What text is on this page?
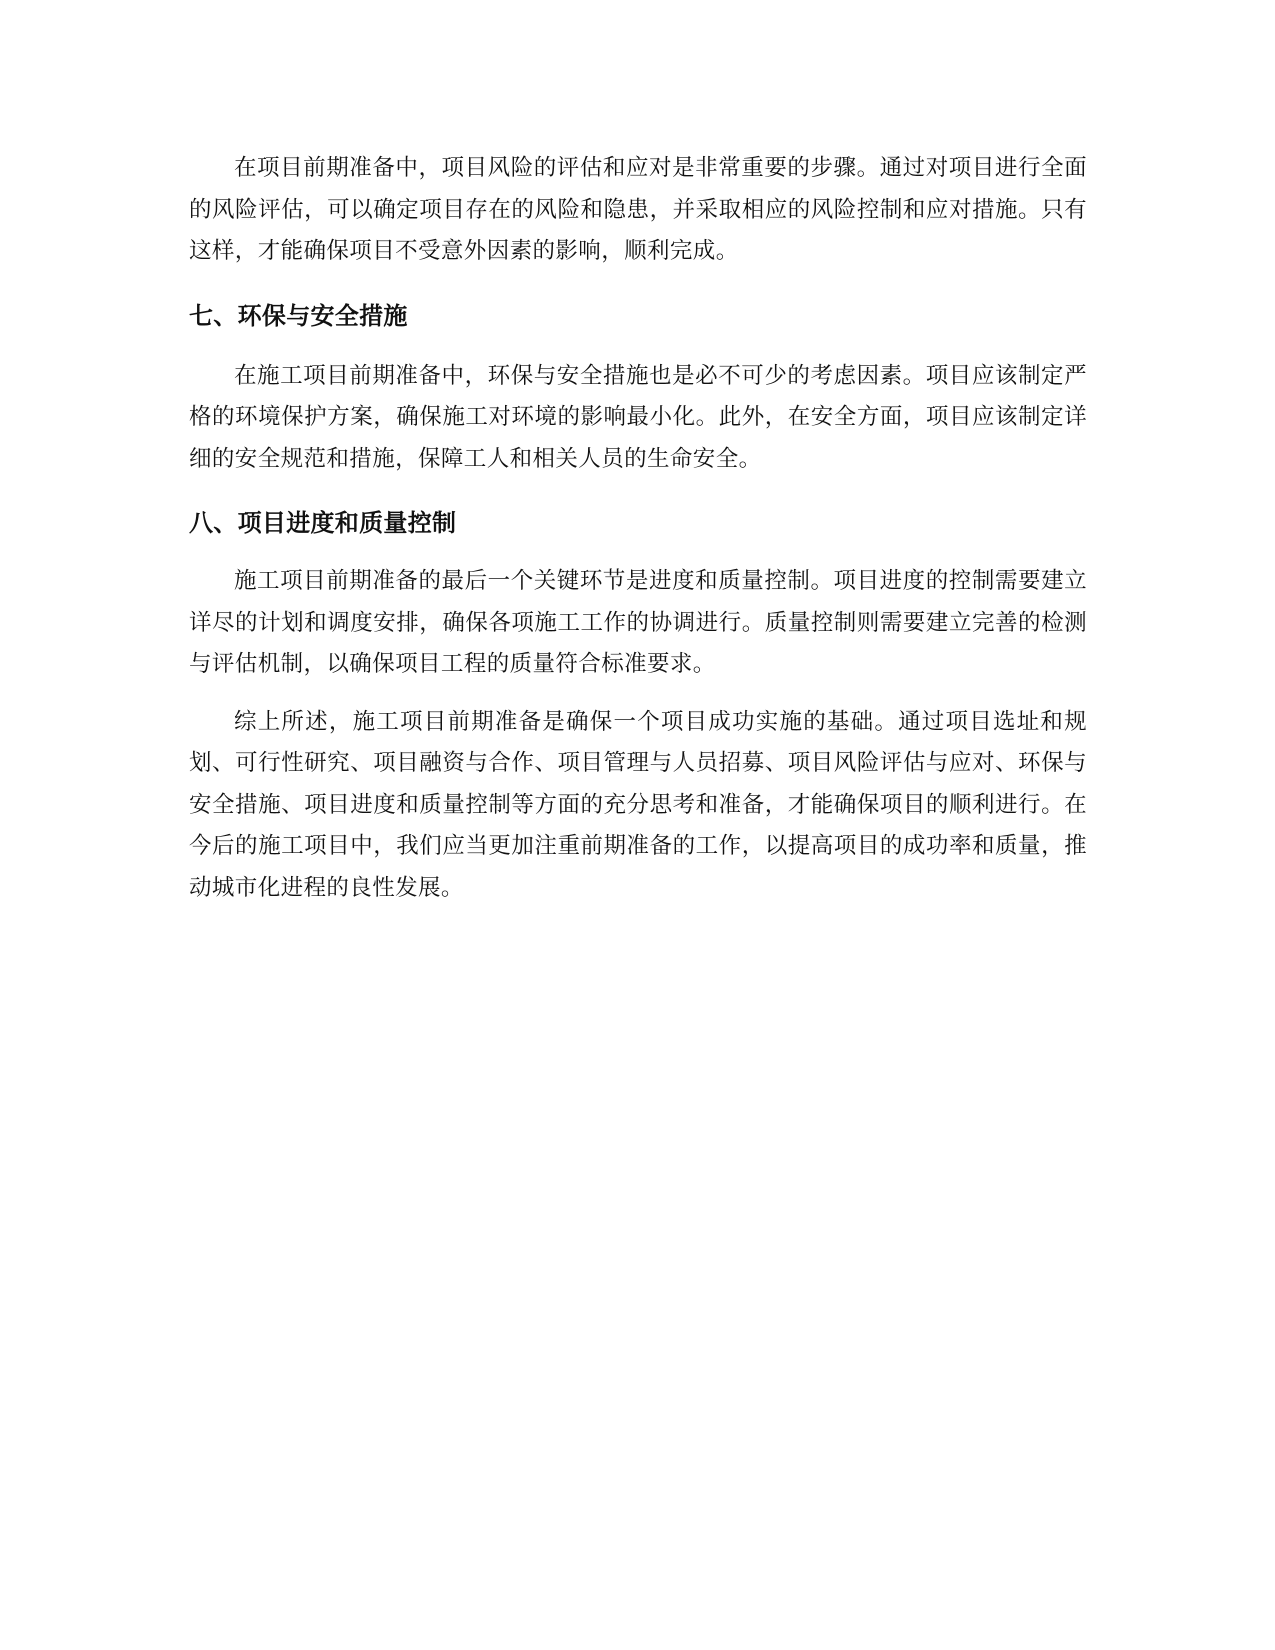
在项目前期准备中，项目风险的评估和应对是非常重要的步骤。通过对项目进行全面的风险评估，可以确定项目存在的风险和隐患，并采取相应的风险控制和应对措施。只有这样，才能确保项目不受意外因素的影响，顺利完成。

七、环保与安全措施

在施工项目前期准备中，环保与安全措施也是必不可少的考虑因素。项目应该制定严格的环境保护方案，确保施工对环境的影响最小化。此外，在安全方面，项目应该制定详细的安全规范和措施，保障工人和相关人员的生命安全。

八、项目进度和质量控制

施工项目前期准备的最后一个关键环节是进度和质量控制。项目进度的控制需要建立详尽的计划和调度安排，确保各项施工工作的协调进行。质量控制则需要建立完善的检测与评估机制，以确保项目工程的质量符合标准要求。

综上所述，施工项目前期准备是确保一个项目成功实施的基础。通过项目选址和规划、可行性研究、项目融资与合作、项目管理与人员招募、项目风险评估与应对、环保与安全措施、项目进度和质量控制等方面的充分思考和准备，才能确保项目的顺利进行。在今后的施工项目中，我们应当更加注重前期准备的工作，以提高项目的成功率和质量，推动城市化进程的良性发展。
